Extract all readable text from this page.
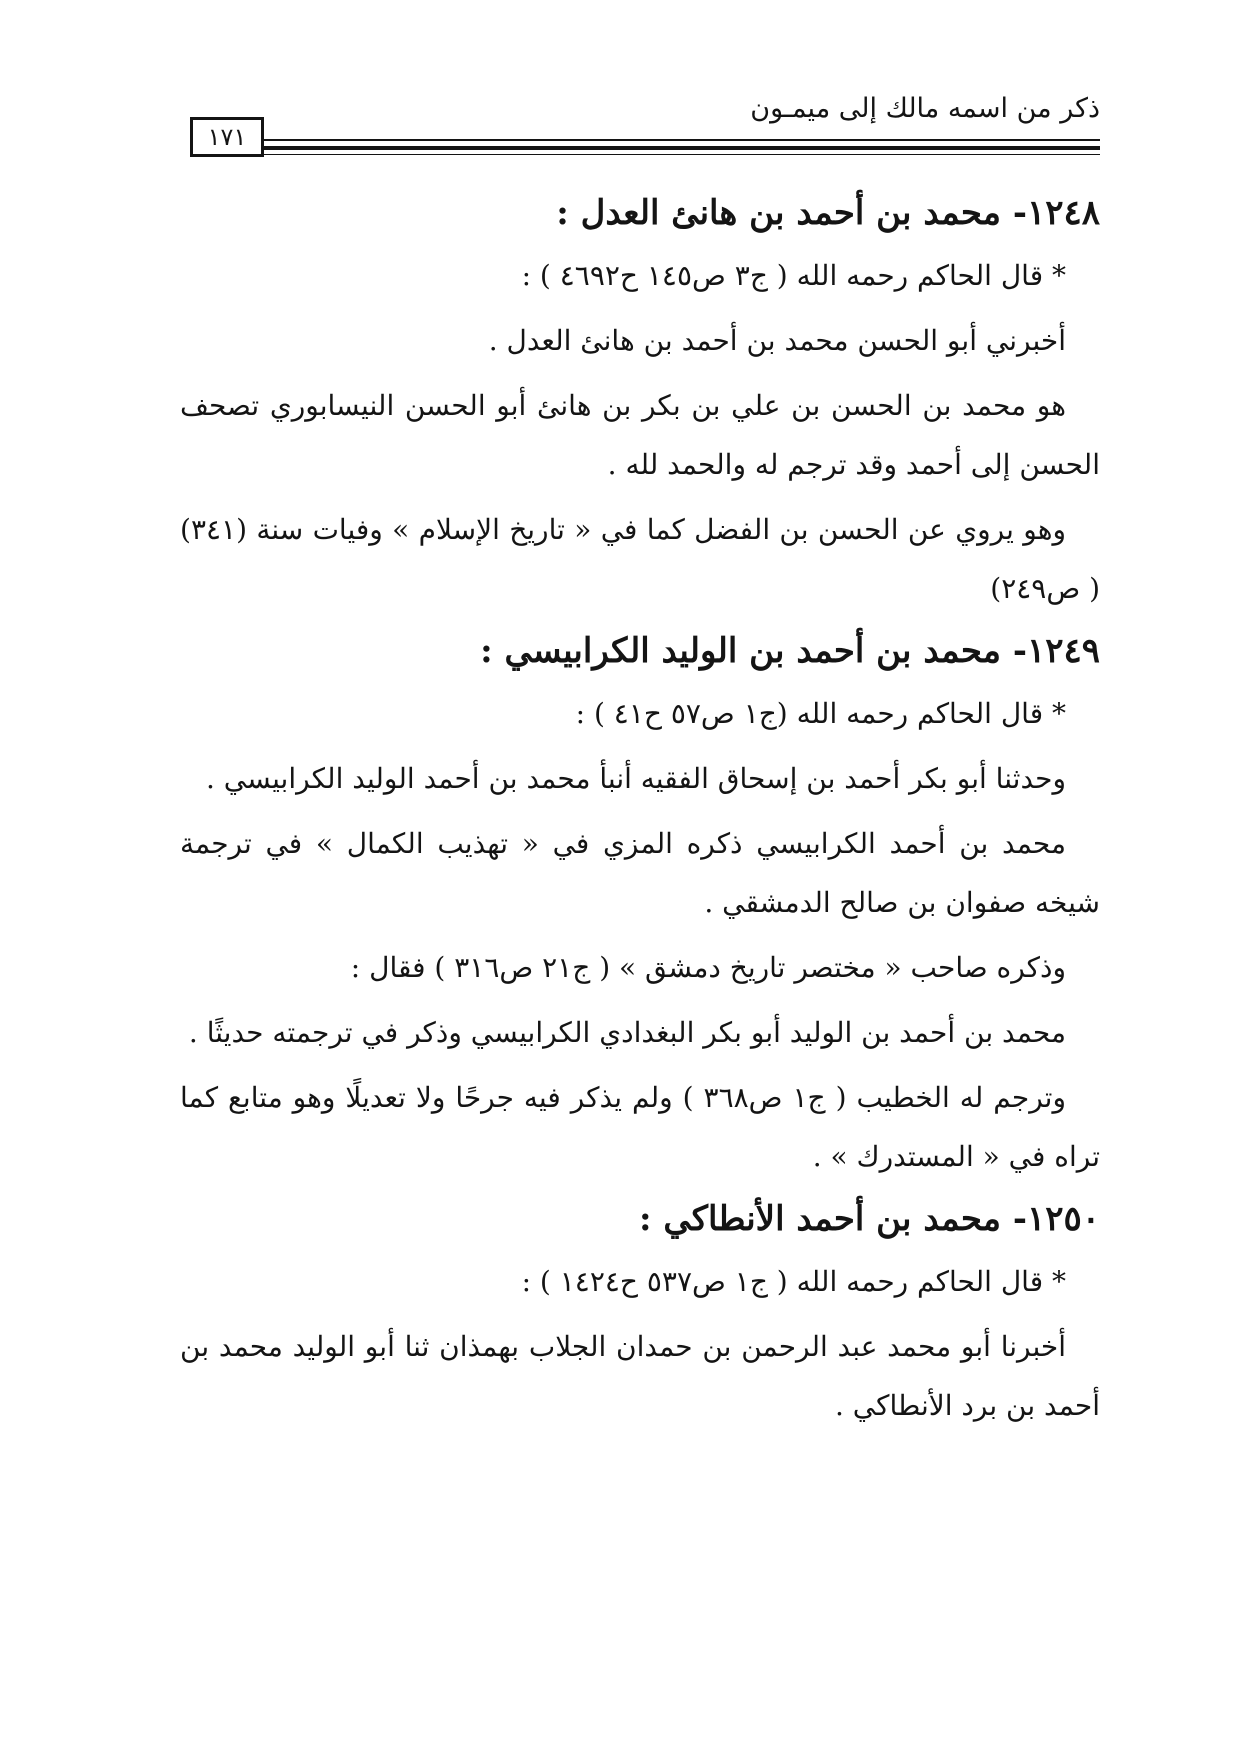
ذكر من اسمه مالك إلى ميمـون
١٧١
١٢٤٨- محمد بن أحمد بن هانئ العدل :

* قال الحاكم رحمه الله ( ج٣ ص١٤٥ ح٤٦٩٢ ) :

أخبرني أبو الحسن محمد بن أحمد بن هانئ العدل .

هو محمد بن الحسن بن علي بن بكر بن هانئ أبو الحسن النيسابوري تصحف الحسن إلى أحمد وقد ترجم له والحمد لله .

وهو يروي عن الحسن بن الفضل كما في « تاريخ الإسلام » وفيات سنة (٣٤١) ( ص٢٤٩)

١٢٤٩- محمد بن أحمد بن الوليد الكرابيسي :

* قال الحاكم رحمه الله (ج١ ص٥٧ ح٤١ ) :

وحدثنا أبو بكر أحمد بن إسحاق الفقيه أنبأ محمد بن أحمد الوليد الكرابيسي .

محمد بن أحمد الكرابيسي ذكره المزي في « تهذيب الكمال » في ترجمة شيخه صفوان بن صالح الدمشقي .

وذكره صاحب « مختصر تاريخ دمشق » ( ج٢١ ص٣١٦ ) فقال :

محمد بن أحمد بن الوليد أبو بكر البغدادي الكرابيسي وذكر في ترجمته حديثًا .

وترجم له الخطيب ( ج١ ص٣٦٨ ) ولم يذكر فيه جرحًا ولا تعديلًا وهو متابع كما تراه في « المستدرك » .

١٢٥٠- محمد بن أحمد الأنطاكي :

* قال الحاكم رحمه الله ( ج١ ص٥٣٧ ح١٤٢٤ ) :

أخبرنا أبو محمد عبد الرحمن بن حمدان الجلاب بهمذان ثنا أبو الوليد محمد بن أحمد بن برد الأنطاكي .
